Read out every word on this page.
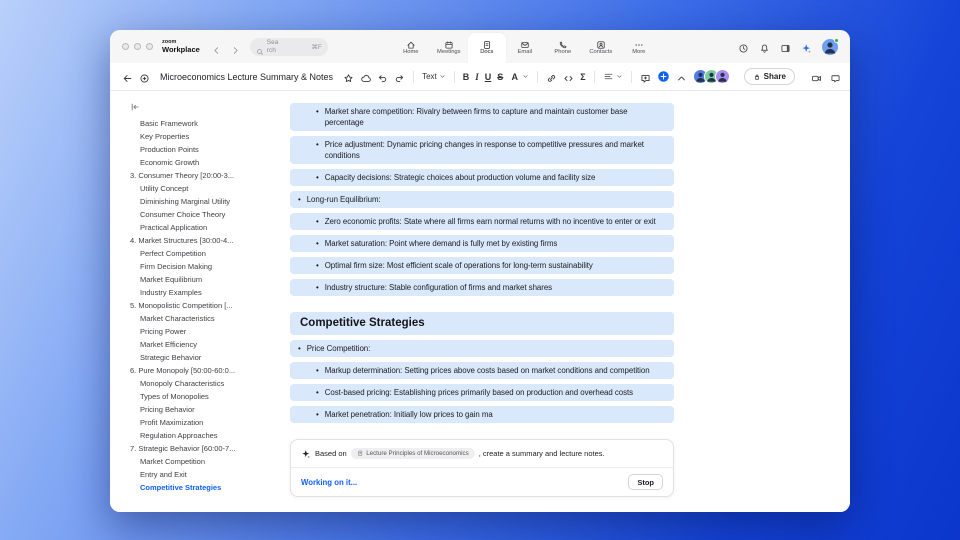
zoom
Workplace
Search	⌘F
Home	Meetings	Docs	Email	Phone	Contacts	More
Microeconomics Lecture Summary & Notes	Text	B I U S A	Σ	Share
Basic Framework
Key Properties
Production Points
Economic Growth
3. Consumer Theory [20:00-3...
Utility Concept
Diminishing Marginal Utility
Consumer Choice Theory
Practical Application
4. Market Structures [30:00-4...
Perfect Competition
Firm Decision Making
Market Equilibrium
Industry Examples
5. Monopolistic Competition [...
Market Characteristics
Pricing Power
Market Efficiency
Strategic Behavior
6. Pure Monopoly [50:00-60:0...
Monopoly Characteristics
Types of Monopolies
Pricing Behavior
Profit Maximization
Regulation Approaches
7. Strategic Behavior [60:00-7...
Market Competition
Entry and Exit
Competitive Strategies
• Market share competition: Rivalry between firms to capture and maintain customer base percentage
• Price adjustment: Dynamic pricing changes in response to competitive pressures and market conditions
• Capacity decisions: Strategic choices about production volume and facility size
• Long-run Equilibrium:
• Zero economic profits: State where all firms earn normal returns with no incentive to enter or exit
• Market saturation: Point where demand is fully met by existing firms
• Optimal firm size: Most efficient scale of operations for long-term sustainability
• Industry structure: Stable configuration of firms and market shares
Competitive Strategies
• Price Competition:
• Markup determination: Setting prices above costs based on market conditions and competition
• Cost-based pricing: Establishing prices primarily based on production and overhead costs
• Market penetration: Initially low prices to gain ma
Based on	Lecture Principles of Microeconomics , create a summary and lecture notes.
Working on it...	Stop
